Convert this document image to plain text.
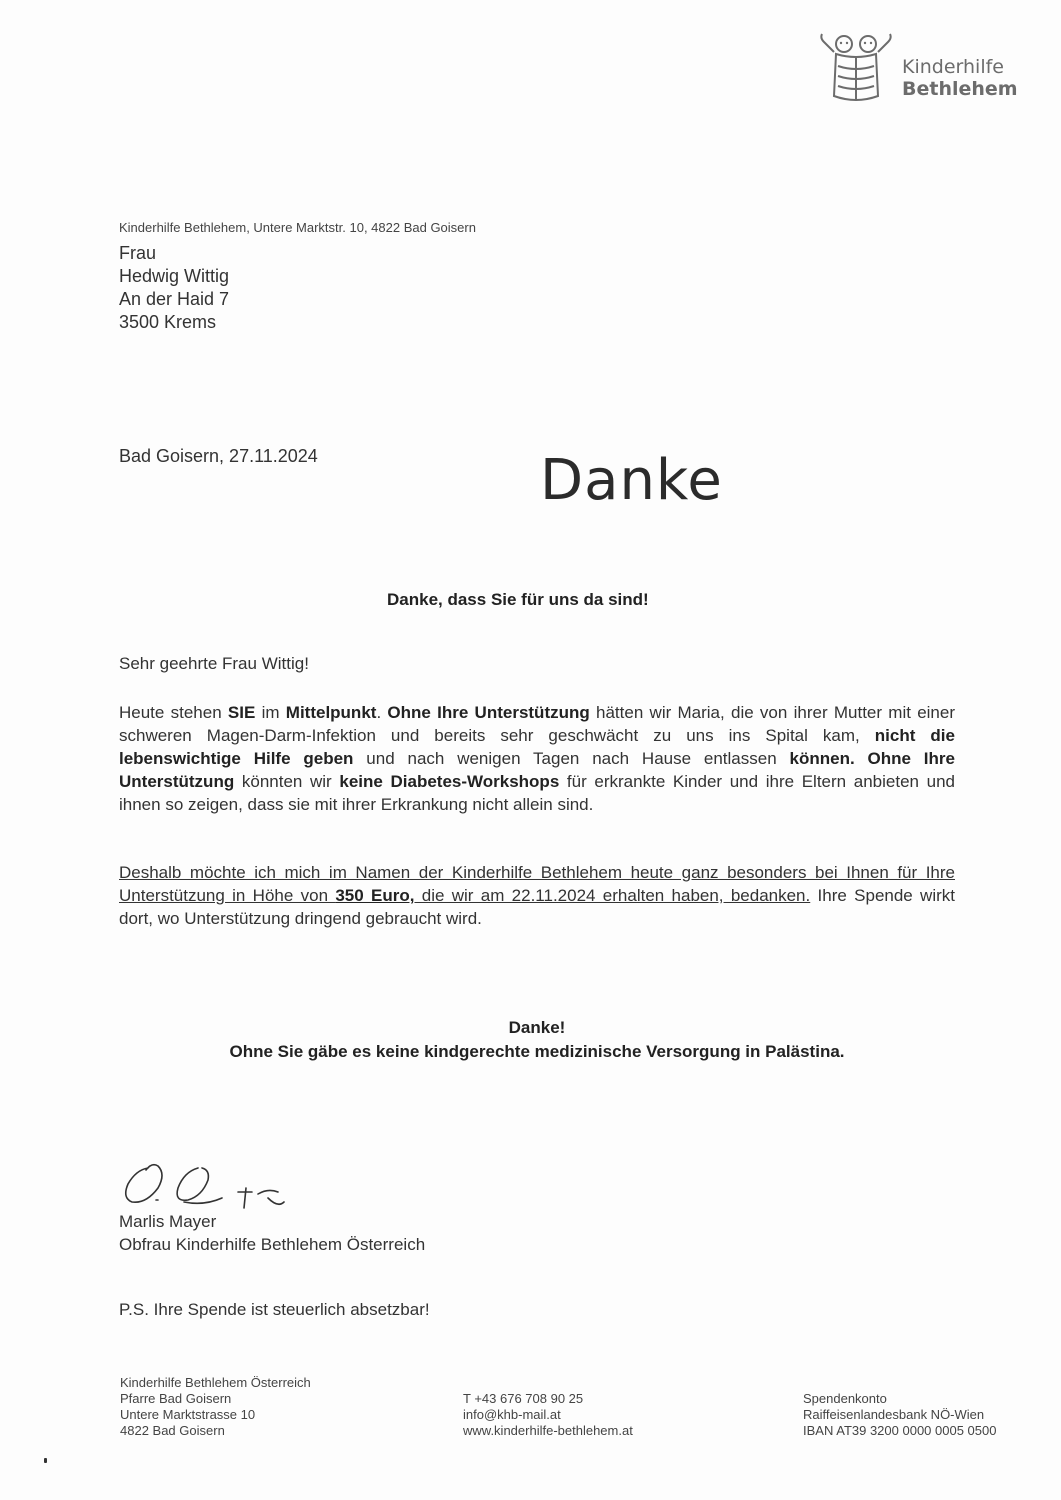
Kinderhilfe
Bethlehem
Kinderhilfe Bethlehem, Untere Marktstr. 10, 4822 Bad Goisern
Frau
Hedwig Wittig
An der Haid 7
3500 Krems
Bad Goisern, 27.11.2024	Danke
Danke, dass Sie für uns da sind!
Sehr geehrte Frau Wittig!
Heute stehen SIE im Mittelpunkt. Ohne Ihre Unterstützung hätten wir Maria, die von ihrer Mutter mit einer schweren Magen-Darm-Infektion und bereits sehr geschwächt zu uns ins Spital kam, nicht die lebenswichtige Hilfe geben und nach wenigen Tagen nach Hause entlassen können. Ohne Ihre Unterstützung könnten wir keine Diabetes-Workshops für erkrankte Kinder und ihre Eltern anbieten und ihnen so zeigen, dass sie mit ihrer Erkrankung nicht allein sind.
Deshalb möchte ich mich im Namen der Kinderhilfe Bethlehem heute ganz besonders bei Ihnen für Ihre Unterstützung in Höhe von 350 Euro, die wir am 22.11.2024 erhalten haben, bedanken. Ihre Spende wirkt dort, wo Unterstützung dringend gebraucht wird.
Danke!
Ohne Sie gäbe es keine kindgerechte medizinische Versorgung in Palästina.
Marlis Mayer
Obfrau Kinderhilfe Bethlehem Österreich
P.S. Ihre Spende ist steuerlich absetzbar!
Kinderhilfe Bethlehem Österreich
Pfarre Bad Goisern
Untere Marktstrasse 10
4822 Bad Goisern
T +43 676 708 90 25
info@khb-mail.at
www.kinderhilfe-bethlehem.at
Spendenkonto
Raiffeisenlandesbank NÖ-Wien
IBAN AT39 3200 0000 0005 0500
